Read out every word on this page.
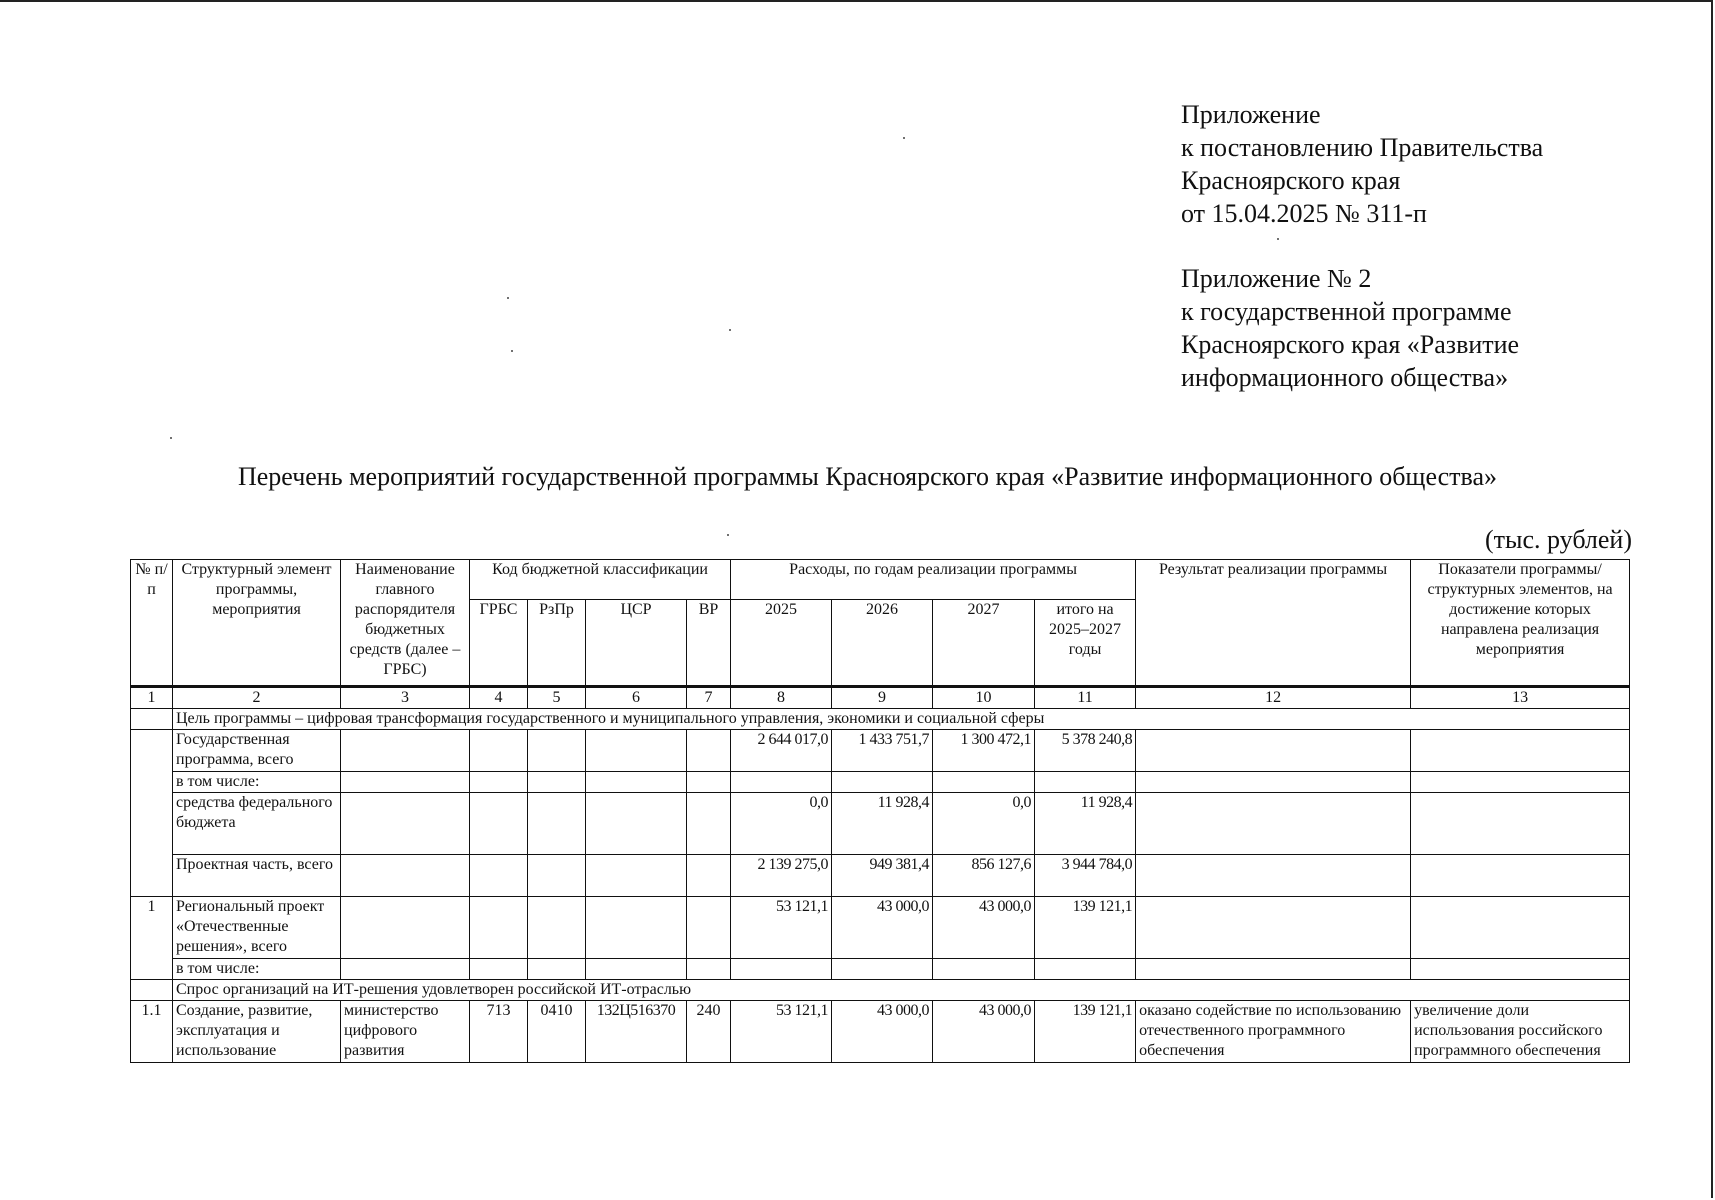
Приложение
к постановлению Правительства
Красноярского края
от 15.04.2025 № 311-п
Приложение № 2
к государственной программе
Красноярского края «Развитие
информационного общества»
Перечень мероприятий государственной программы Красноярского края «Развитие информационного общества»
(тыс. рублей)
№ п/п	Структурный элемент программы, мероприятия	Наименование главного распорядителя бюджетных средств (далее – ГРБС)	Код бюджетной классификации				Расходы, по годам реализации программы				Результат реализации программы	Показатели программы/структурных элементов, на достижение которых направлена реализация мероприятия
			ГРБС	РзПр	ЦСР	ВР	2025	2026	2027	итого на 2025–2027 годы		
1	2	3	4	5	6	7	8	9	10	11	12	13
	Цель программы – цифровая трансформация государственного и муниципального управления, экономики и социальной сферы											
	Государственная программа, всего						2 644 017,0	1 433 751,7	1 300 472,1	5 378 240,8		
	в том числе:											
	средства федерального бюджета						0,0	11 928,4	0,0	11 928,4		
	Проектная часть, всего						2 139 275,0	949 381,4	856 127,6	3 944 784,0		
1	Региональный проект «Отечественные решения», всего						53 121,1	43 000,0	43 000,0	139 121,1		
	в том числе:											
	Спрос организаций на ИТ-решения удовлетворен российской ИТ-отраслью											
1.1	Создание, развитие, эксплуатация и использование	министерство цифрового развития	713	0410	132Ц516370	240	53 121,1	43 000,0	43 000,0	139 121,1	оказано содействие по использованию отечественного программного обеспечения	увеличение доли использования российского программного обеспечения
